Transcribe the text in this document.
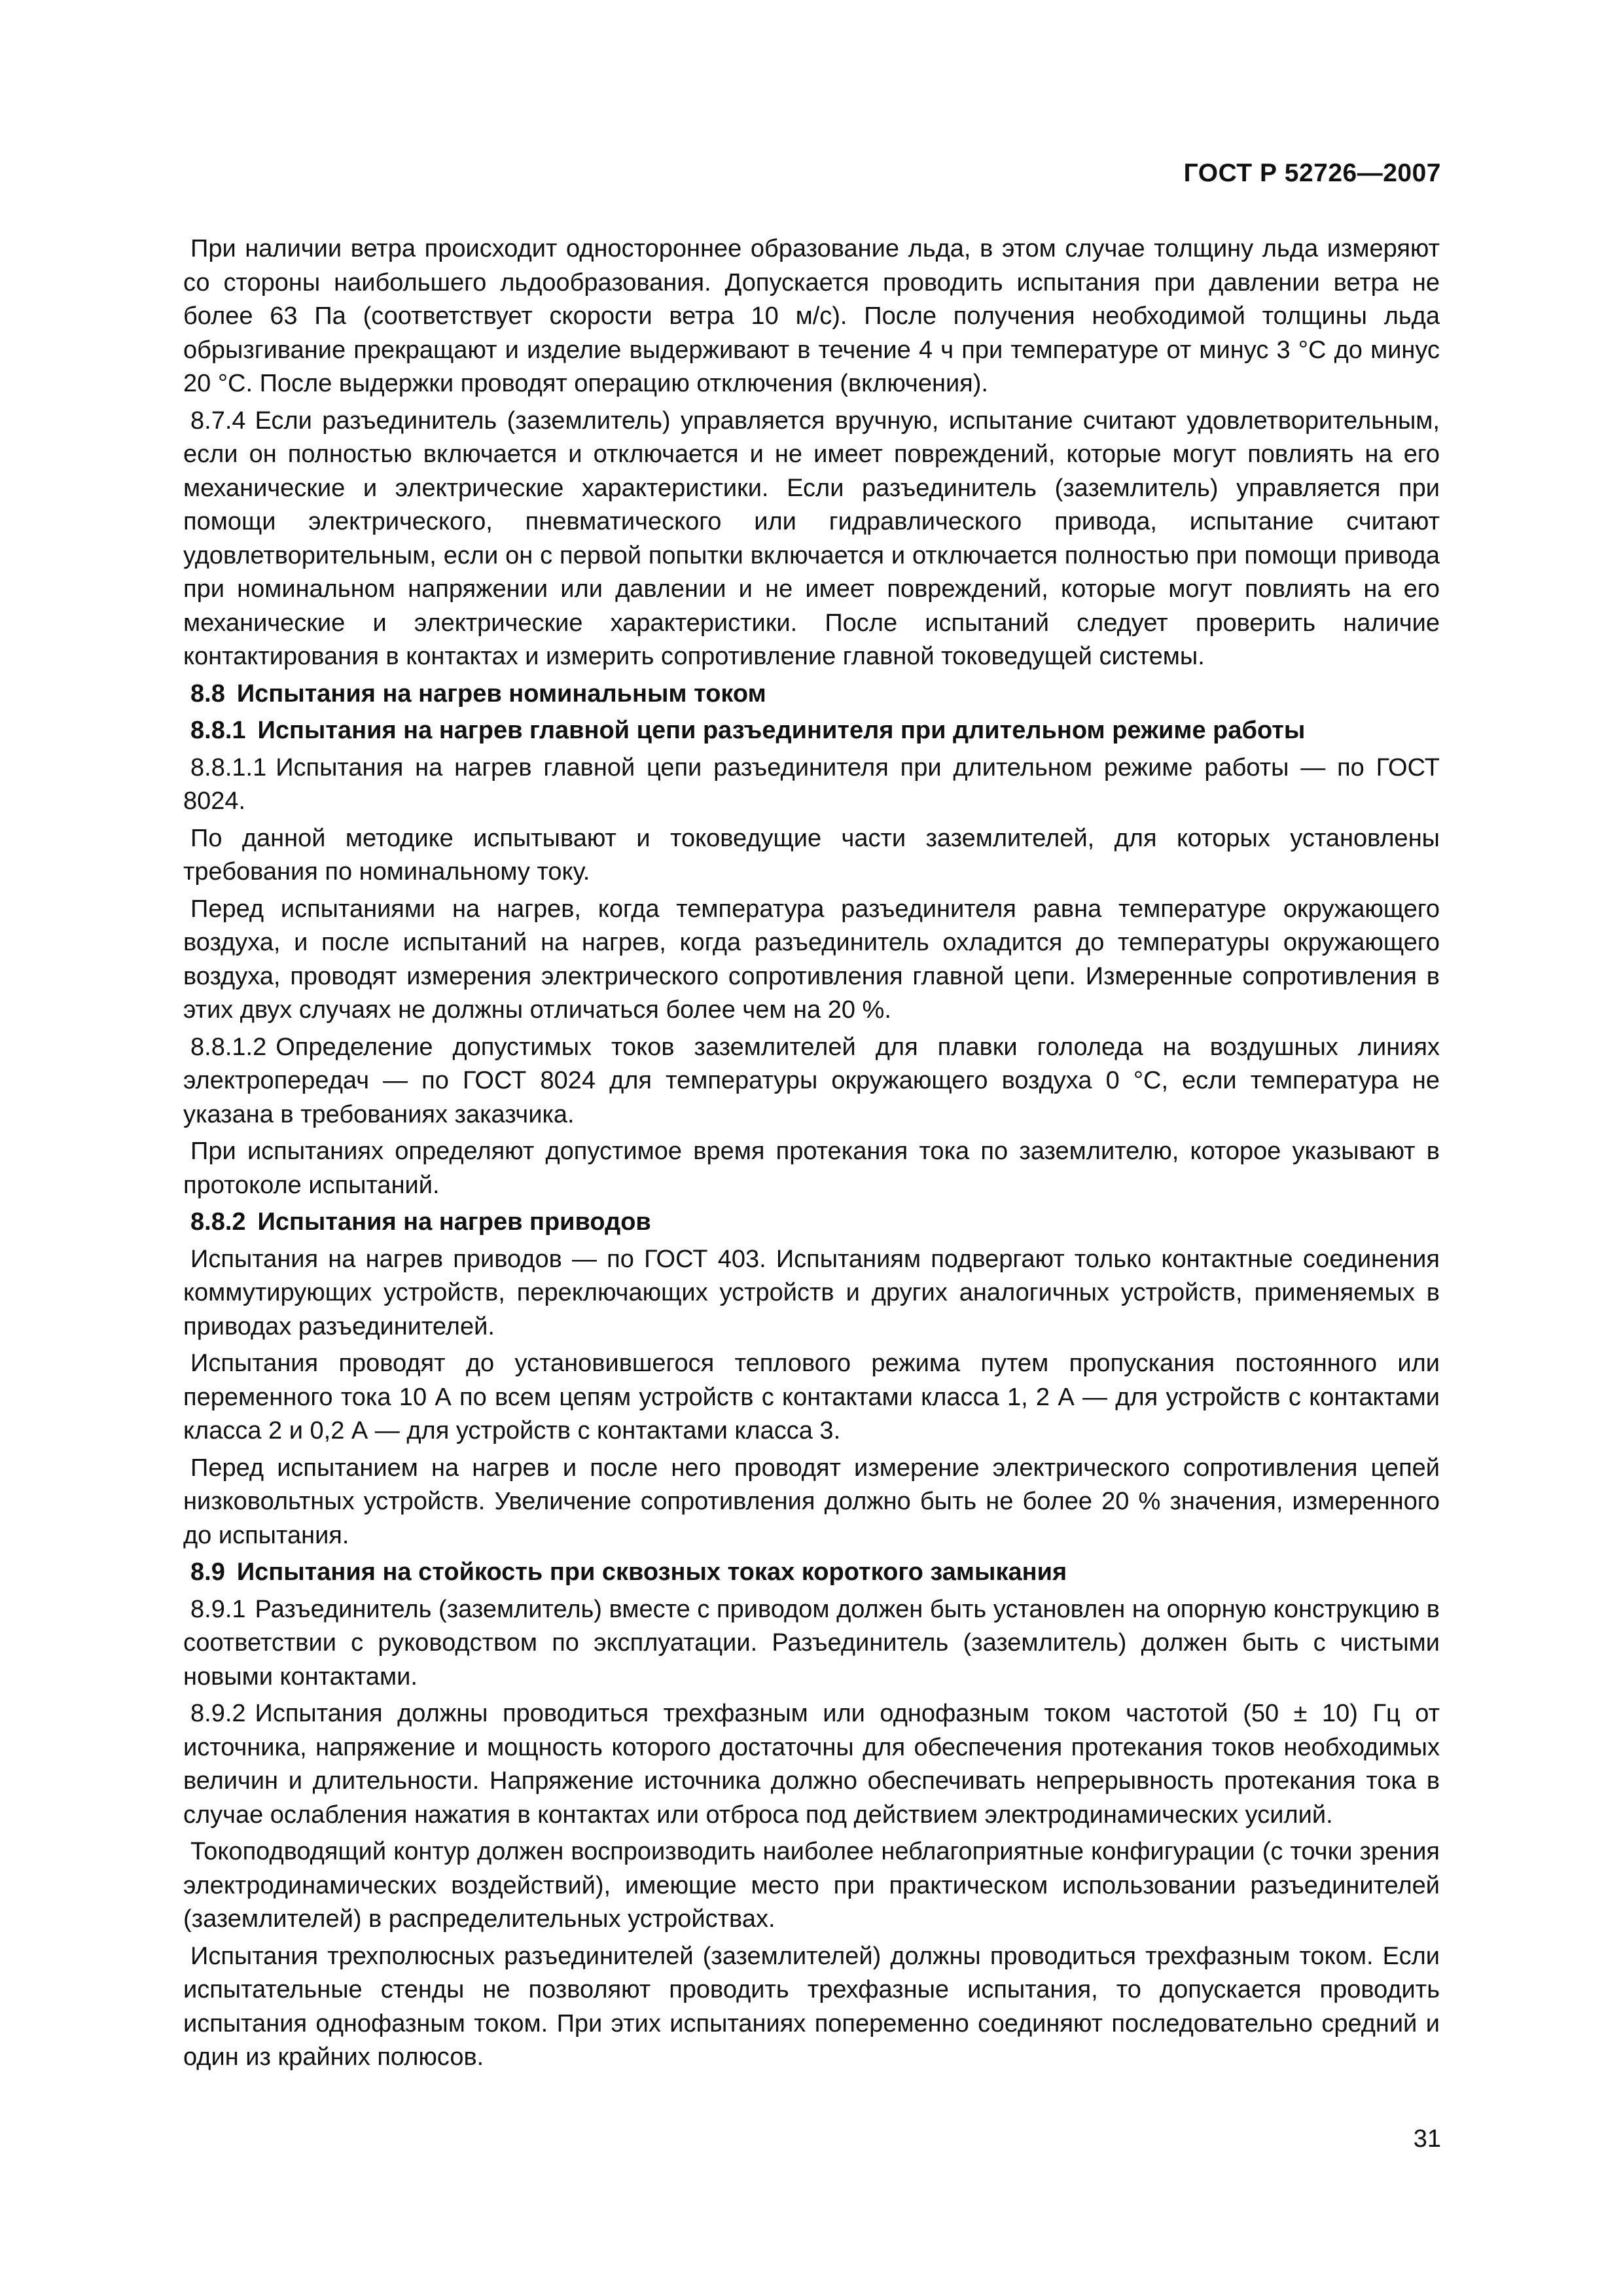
ГОСТ Р 52726—2007

При наличии ветра происходит одностороннее образование льда, в этом случае толщину льда измеряют со стороны наибольшего льдообразования. Допускается проводить испытания при давлении ветра не более 63 Па (соответствует скорости ветра 10 м/с). После получения необходимой толщины льда обрызгивание прекращают и изделие выдерживают в течение 4 ч при температуре от минус 3 °С до минус 20 °С. После выдержки проводят операцию отключения (включения).

8.7.4 Если разъединитель (заземлитель) управляется вручную, испытание считают удовлетворительным, если он полностью включается и отключается и не имеет повреждений, которые могут повлиять на его механические и электрические характеристики. Если разъединитель (заземлитель) управляется при помощи электрического, пневматического или гидравлического привода, испытание считают удовлетворительным, если он с первой попытки включается и отключается полностью при помощи привода при номинальном напряжении или давлении и не имеет повреждений, которые могут повлиять на его механические и электрические характеристики. После испытаний следует проверить наличие контактирования в контактах и измерить сопротивление главной токоведущей системы.

8.8 Испытания на нагрев номинальным током
8.8.1 Испытания на нагрев главной цепи разъединителя при длительном режиме работы

8.8.1.1 Испытания на нагрев главной цепи разъединителя при длительном режиме работы — по ГОСТ 8024.

По данной методике испытывают и токоведущие части заземлителей, для которых установлены требования по номинальному току.

Перед испытаниями на нагрев, когда температура разъединителя равна температуре окружающего воздуха, и после испытаний на нагрев, когда разъединитель охладится до температуры окружающего воздуха, проводят измерения электрического сопротивления главной цепи. Измеренные сопротивления в этих двух случаях не должны отличаться более чем на 20 %.

8.8.1.2 Определение допустимых токов заземлителей для плавки гололеда на воздушных линиях электропередач — по ГОСТ 8024 для температуры окружающего воздуха 0 °С, если температура не указана в требованиях заказчика.

При испытаниях определяют допустимое время протекания тока по заземлителю, которое указывают в протоколе испытаний.

8.8.2 Испытания на нагрев приводов

Испытания на нагрев приводов — по ГОСТ 403. Испытаниям подвергают только контактные соединения коммутирующих устройств, переключающих устройств и других аналогичных устройств, применяемых в приводах разъединителей.

Испытания проводят до установившегося теплового режима путем пропускания постоянного или переменного тока 10 А по всем цепям устройств с контактами класса 1, 2 А — для устройств с контактами класса 2 и 0,2 А — для устройств с контактами класса 3.

Перед испытанием на нагрев и после него проводят измерение электрического сопротивления цепей низковольтных устройств. Увеличение сопротивления должно быть не более 20 % значения, измеренного до испытания.

8.9 Испытания на стойкость при сквозных токах короткого замыкания

8.9.1 Разъединитель (заземлитель) вместе с приводом должен быть установлен на опорную конструкцию в соответствии с руководством по эксплуатации. Разъединитель (заземлитель) должен быть с чистыми новыми контактами.

8.9.2 Испытания должны проводиться трехфазным или однофазным током частотой (50 ± 10) Гц от источника, напряжение и мощность которого достаточны для обеспечения протекания токов необходимых величин и длительности. Напряжение источника должно обеспечивать непрерывность протекания тока в случае ослабления нажатия в контактах или отброса под действием электродинамических усилий.

Токоподводящий контур должен воспроизводить наиболее неблагоприятные конфигурации (с точки зрения электродинамических воздействий), имеющие место при практическом использовании разъединителей (заземлителей) в распределительных устройствах.

Испытания трехполюсных разъединителей (заземлителей) должны проводиться трехфазным током. Если испытательные стенды не позволяют проводить трехфазные испытания, то допускается проводить испытания однофазным током. При этих испытаниях попеременно соединяют последовательно средний и один из крайних полюсов.

31
